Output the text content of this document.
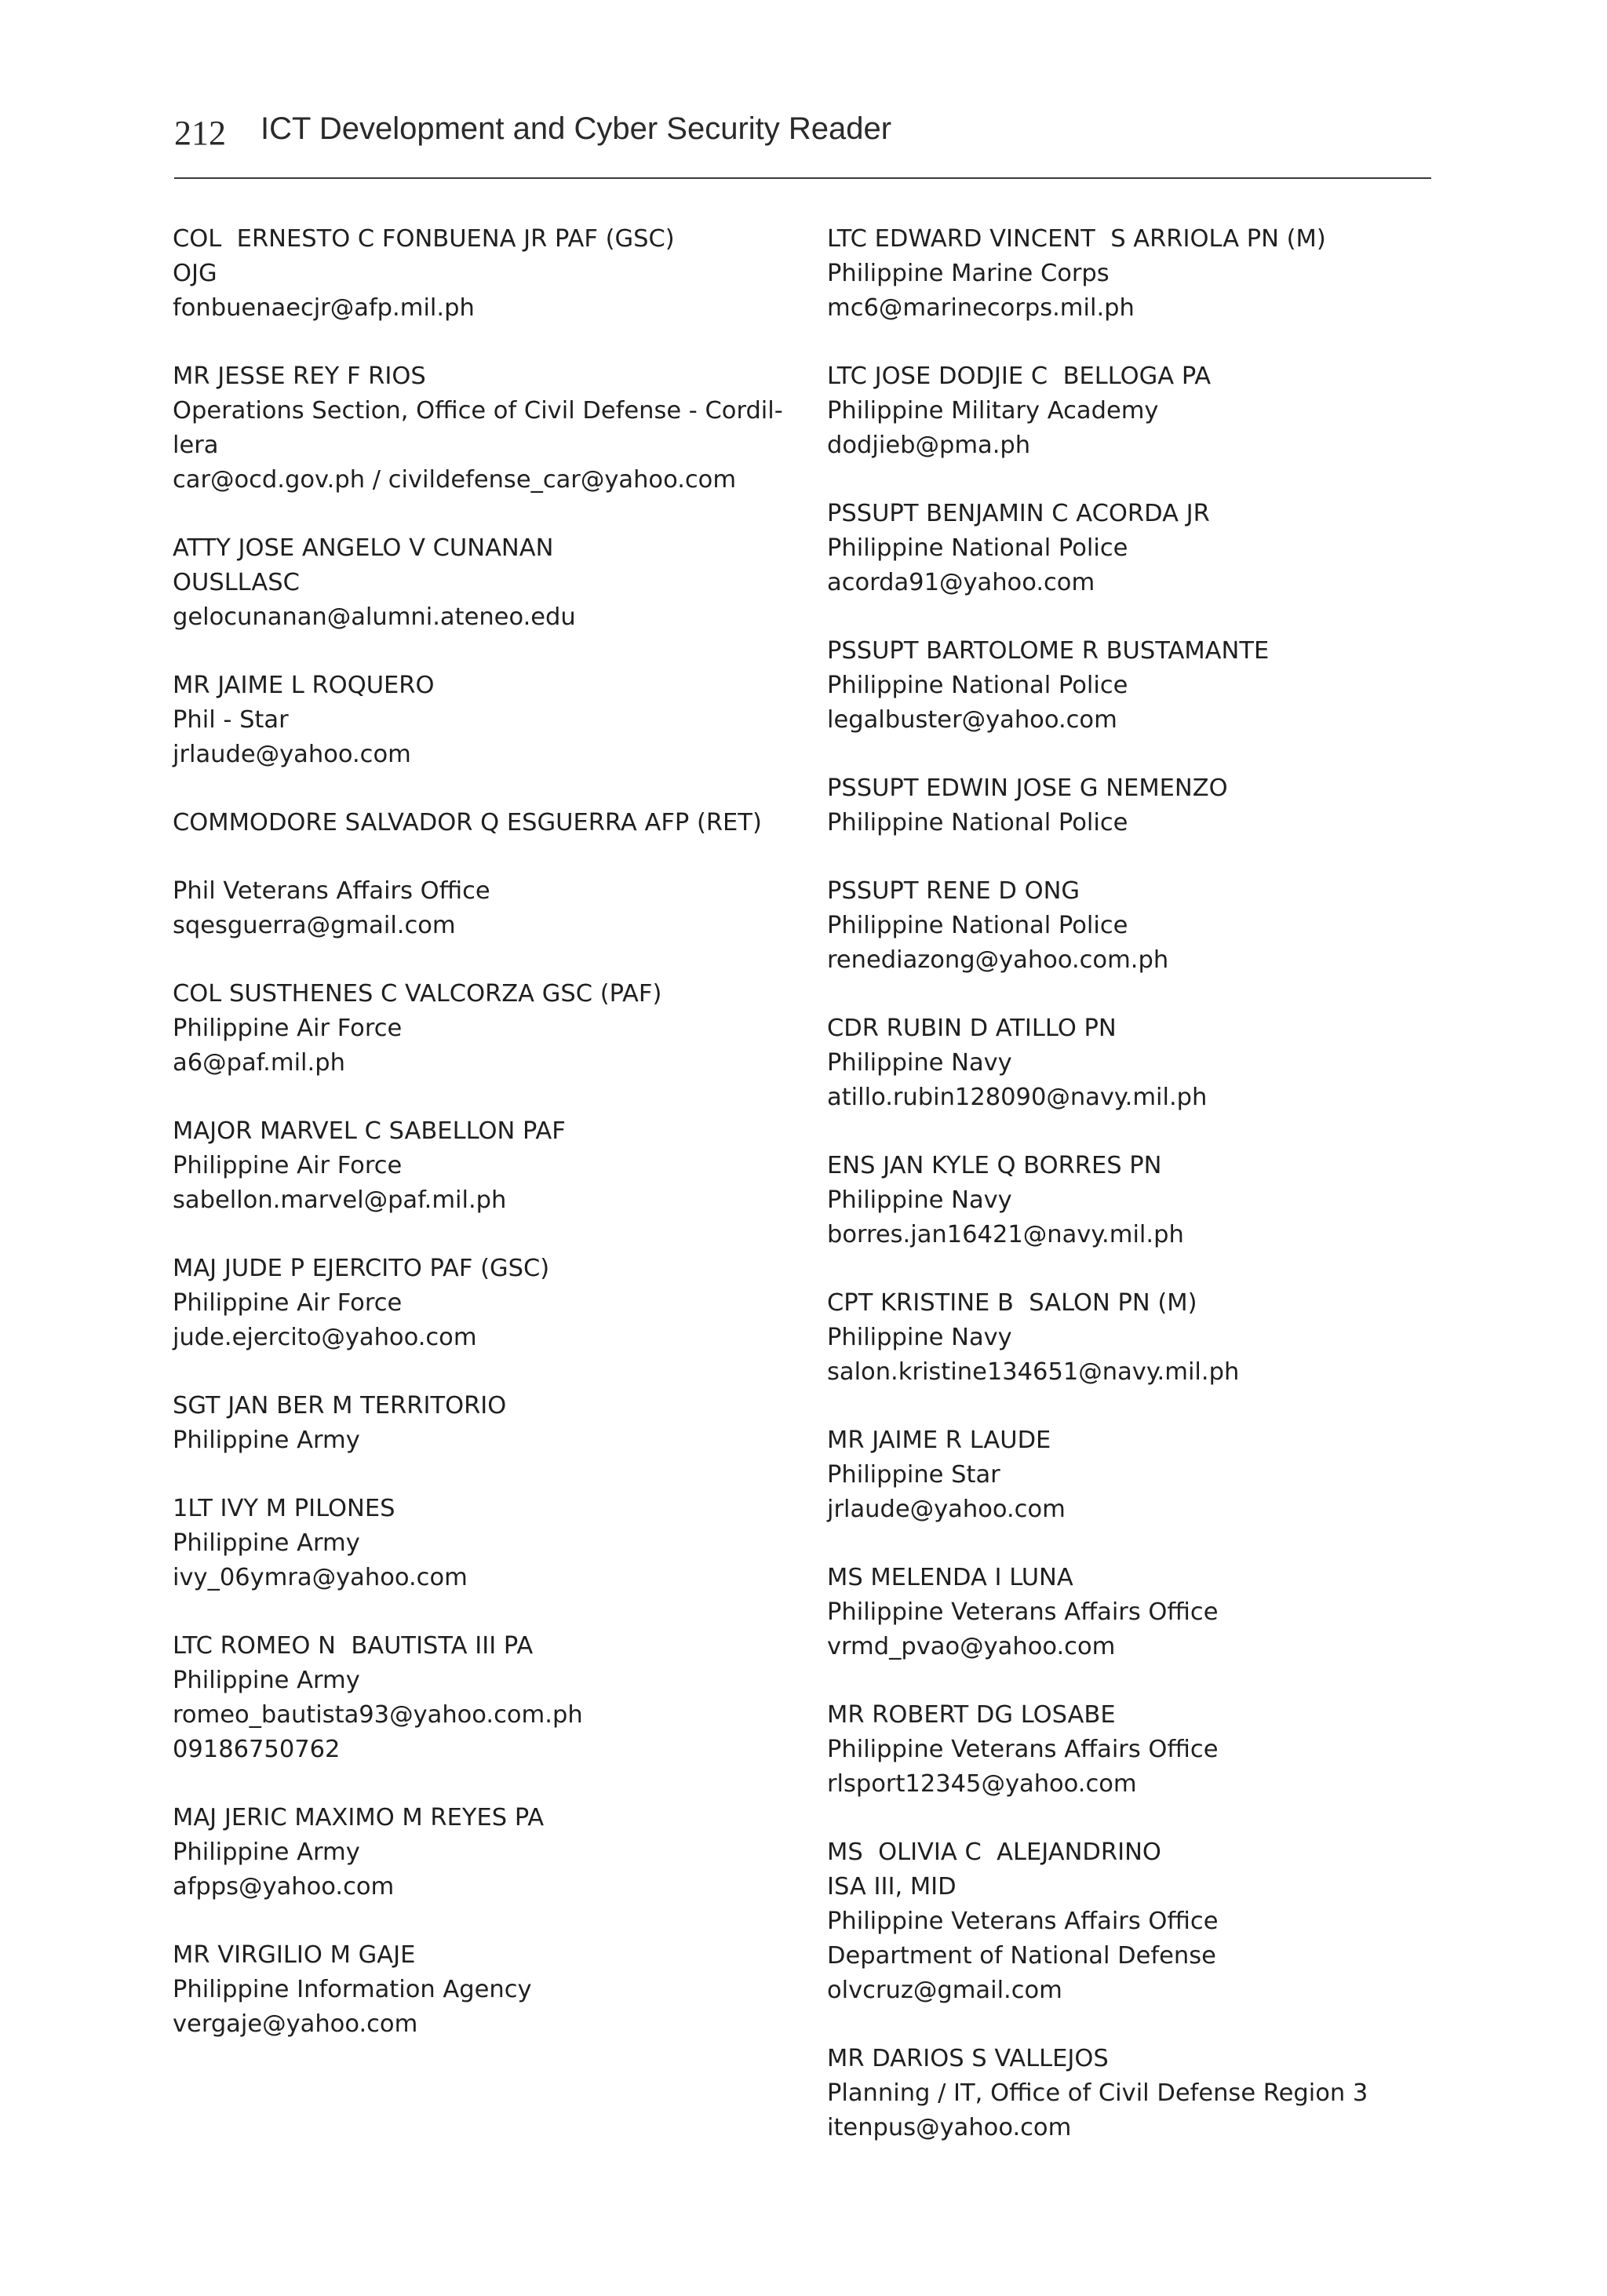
212 ICT Development and Cyber Security Reader
COL  ERNESTO C FONBUENA JR PAF (GSC)
OJG
fonbuenaecjr@afp.mil.ph
MR JESSE REY F RIOS
Operations Section, Office of Civil Defense - Cordil-
lera
car@ocd.gov.ph / civildefense_car@yahoo.com
ATTY JOSE ANGELO V CUNANAN
OUSLLASC
gelocunanan@alumni.ateneo.edu
MR JAIME L ROQUERO
Phil - Star
jrlaude@yahoo.com
COMMODORE SALVADOR Q ESGUERRA AFP (RET)
Phil Veterans Affairs Office
sqesguerra@gmail.com
COL SUSTHENES C VALCORZA GSC (PAF)
Philippine Air Force
a6@paf.mil.ph
MAJOR MARVEL C SABELLON PAF
Philippine Air Force
sabellon.marvel@paf.mil.ph
MAJ JUDE P EJERCITO PAF (GSC)
Philippine Air Force
jude.ejercito@yahoo.com
SGT JAN BER M TERRITORIO
Philippine Army
1LT IVY M PILONES
Philippine Army
ivy_06ymra@yahoo.com
LTC ROMEO N  BAUTISTA III PA
Philippine Army
romeo_bautista93@yahoo.com.ph
09186750762
MAJ JERIC MAXIMO M REYES PA
Philippine Army
afpps@yahoo.com
MR VIRGILIO M GAJE
Philippine Information Agency
vergaje@yahoo.com
LTC EDWARD VINCENT  S ARRIOLA PN (M)
Philippine Marine Corps
mc6@marinecorps.mil.ph
LTC JOSE DODJIE C  BELLOGA PA
Philippine Military Academy
dodjieb@pma.ph
PSSUPT BENJAMIN C ACORDA JR
Philippine National Police
acorda91@yahoo.com
PSSUPT BARTOLOME R BUSTAMANTE
Philippine National Police
legalbuster@yahoo.com
PSSUPT EDWIN JOSE G NEMENZO
Philippine National Police
PSSUPT RENE D ONG
Philippine National Police
renediazong@yahoo.com.ph
CDR RUBIN D ATILLO PN
Philippine Navy
atillo.rubin128090@navy.mil.ph
ENS JAN KYLE Q BORRES PN
Philippine Navy
borres.jan16421@navy.mil.ph
CPT KRISTINE B  SALON PN (M)
Philippine Navy
salon.kristine134651@navy.mil.ph
MR JAIME R LAUDE
Philippine Star
jrlaude@yahoo.com
MS MELENDA I LUNA
Philippine Veterans Affairs Office
vrmd_pvao@yahoo.com
MR ROBERT DG LOSABE
Philippine Veterans Affairs Office
rlsport12345@yahoo.com
MS  OLIVIA C  ALEJANDRINO
ISA III, MID
Philippine Veterans Affairs Office
Department of National Defense
olvcruz@gmail.com
MR DARIOS S VALLEJOS
Planning / IT, Office of Civil Defense Region 3
itenpus@yahoo.com
